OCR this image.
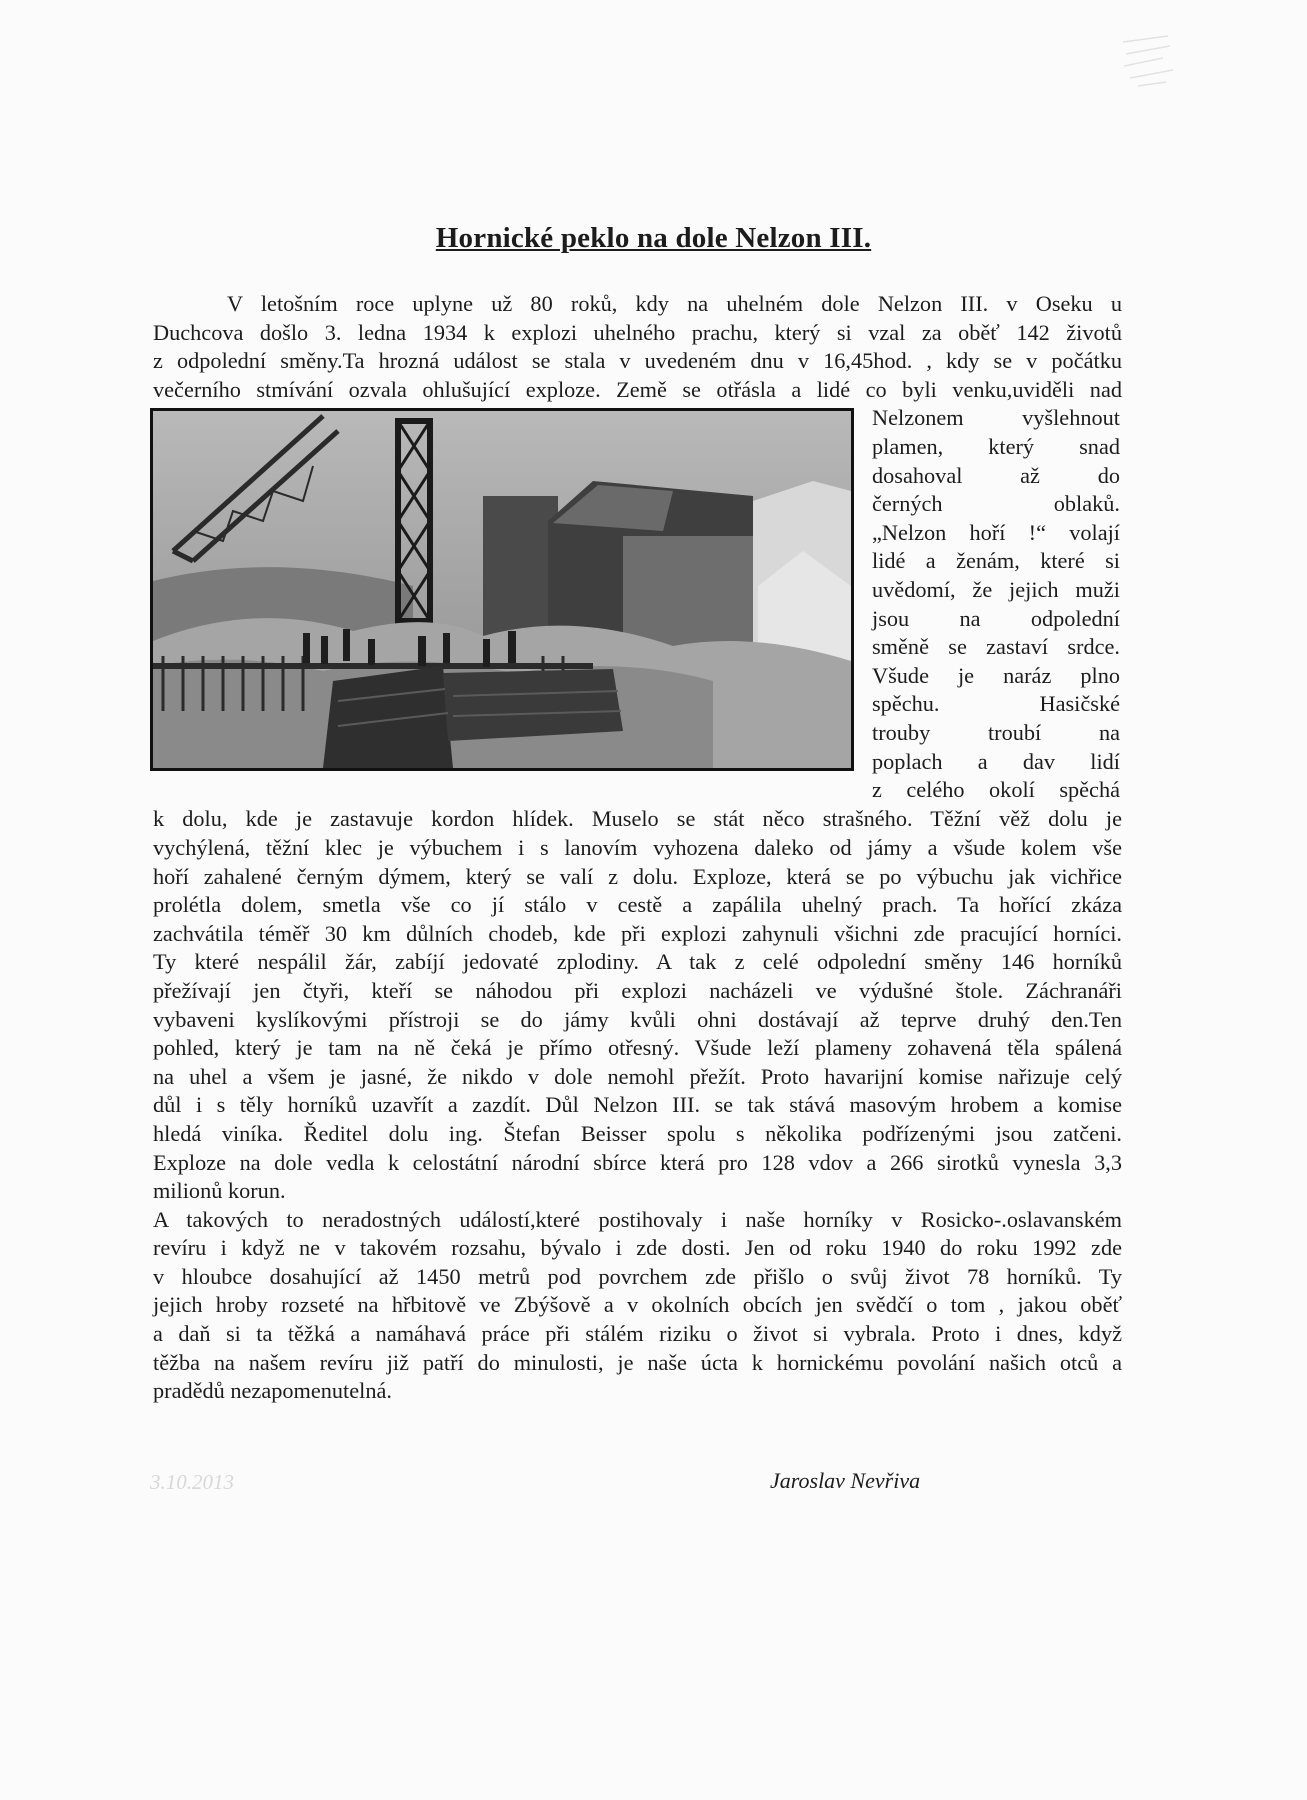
Hornické peklo na dole Nelzon III.

V letošním roce uplyne už 80 roků, kdy na uhelném dole Nelzon III. v Oseku u
Duchcova došlo 3. ledna 1934 k explozi uhelného prachu, který si vzal za oběť 142 životů
z odpolední směny.Ta hrozná událost se stala v uvedeném dnu v 16,45hod. , kdy se v počátku
večerního stmívání ozvala ohlušující exploze. Země se otřásla a lidé co byli venku,uviděli nad

Nelzonem vyšlehnout
plamen, který snad
dosahoval až do
černých oblaků.
„Nelzon hoří !“ volají
lidé a ženám, které si
uvědomí, že jejich muži
jsou na odpolední
směně se zastaví srdce.
Všude je naráz plno
spěchu. Hasičské
trouby troubí na
poplach a dav lidí
z celého okolí spěchá

k dolu, kde je zastavuje kordon hlídek. Muselo se stát něco strašného. Těžní věž dolu je
vychýlená, těžní klec je výbuchem i s lanovím vyhozena daleko od jámy a všude kolem vše
hoří zahalené černým dýmem, který se valí z dolu. Exploze, která se po výbuchu jak vichřice
prolétla dolem, smetla vše co jí stálo v cestě a zapálila uhelný prach. Ta hořící zkáza
zachvátila téměř 30 km důlních chodeb, kde při explozi zahynuli všichni zde pracující horníci.
Ty které nespálil žár, zabíjí jedovaté zplodiny. A tak z celé odpolední směny 146 horníků
přežívají jen čtyři, kteří se náhodou při explozi nacházeli ve výdušné štole. Záchranáři
vybaveni kyslíkovými přístroji se do jámy kvůli ohni dostávají až teprve druhý den.Ten
pohled, který je tam na ně čeká je přímo otřesný. Všude leží plameny zohavená těla spálená
na uhel a všem je jasné, že nikdo v dole nemohl přežít. Proto havarijní komise nařizuje celý
důl i s těly horníků uzavřít a zazdít. Důl Nelzon III. se tak stává masovým hrobem a komise
hledá viníka. Ředitel dolu ing. Štefan Beisser spolu s několika podřízenými jsou zatčeni.
Exploze na dole vedla k celostátní národní sbírce která pro 128 vdov a 266 sirotků vynesla 3,3
milionů korun.

A takových to neradostných událostí,které postihovaly i naše horníky v Rosicko-.oslavanském
revíru i když ne v takovém rozsahu, bývalo i zde dosti. Jen od roku 1940 do roku 1992 zde
v hloubce dosahující až 1450 metrů pod povrchem zde přišlo o svůj život 78 horníků. Ty
jejich hroby rozseté na hřbitově ve Zbýšově a v okolních obcích jen svědčí o tom , jakou oběť
a daň si ta těžká a namáhavá práce při stálém riziku o život si vybrala. Proto i dnes, když
těžba na našem revíru již patří do minulosti, je naše úcta k hornickému povolání našich otců a
pradědů nezapomenutelná.

3.10.2013	Jaroslav Nevřiva
